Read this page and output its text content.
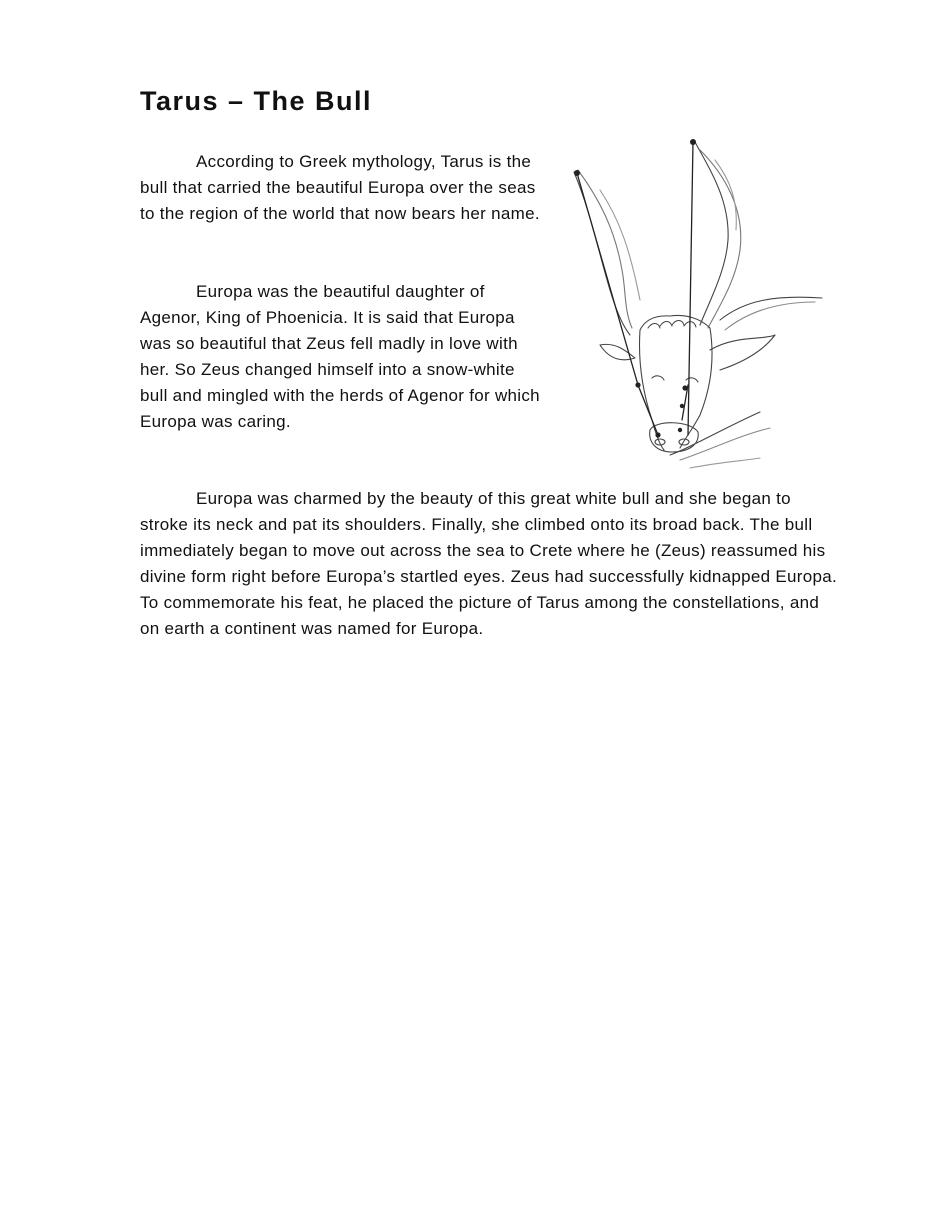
Tarus – The Bull

According to Greek mythology, Tarus is the bull that carried the beautiful Europa over the seas to the region of the world that now bears her name.

Europa was the beautiful daughter of Agenor, King of Phoenicia. It is said that Europa was so beautiful that Zeus fell madly in love with her. So Zeus changed himself into a snow-white bull and mingled with the herds of Agenor for which Europa was caring.

Europa was charmed by the beauty of this great white bull and she began to stroke its neck and pat its shoulders. Finally, she climbed onto its broad back. The bull immediately began to move out across the sea to Crete where he (Zeus) reassumed his divine form right before Europa’s startled eyes. Zeus had successfully kidnapped Europa. To commemorate his feat, he placed the picture of Tarus among the constellations, and on earth a continent was named for Europa.
